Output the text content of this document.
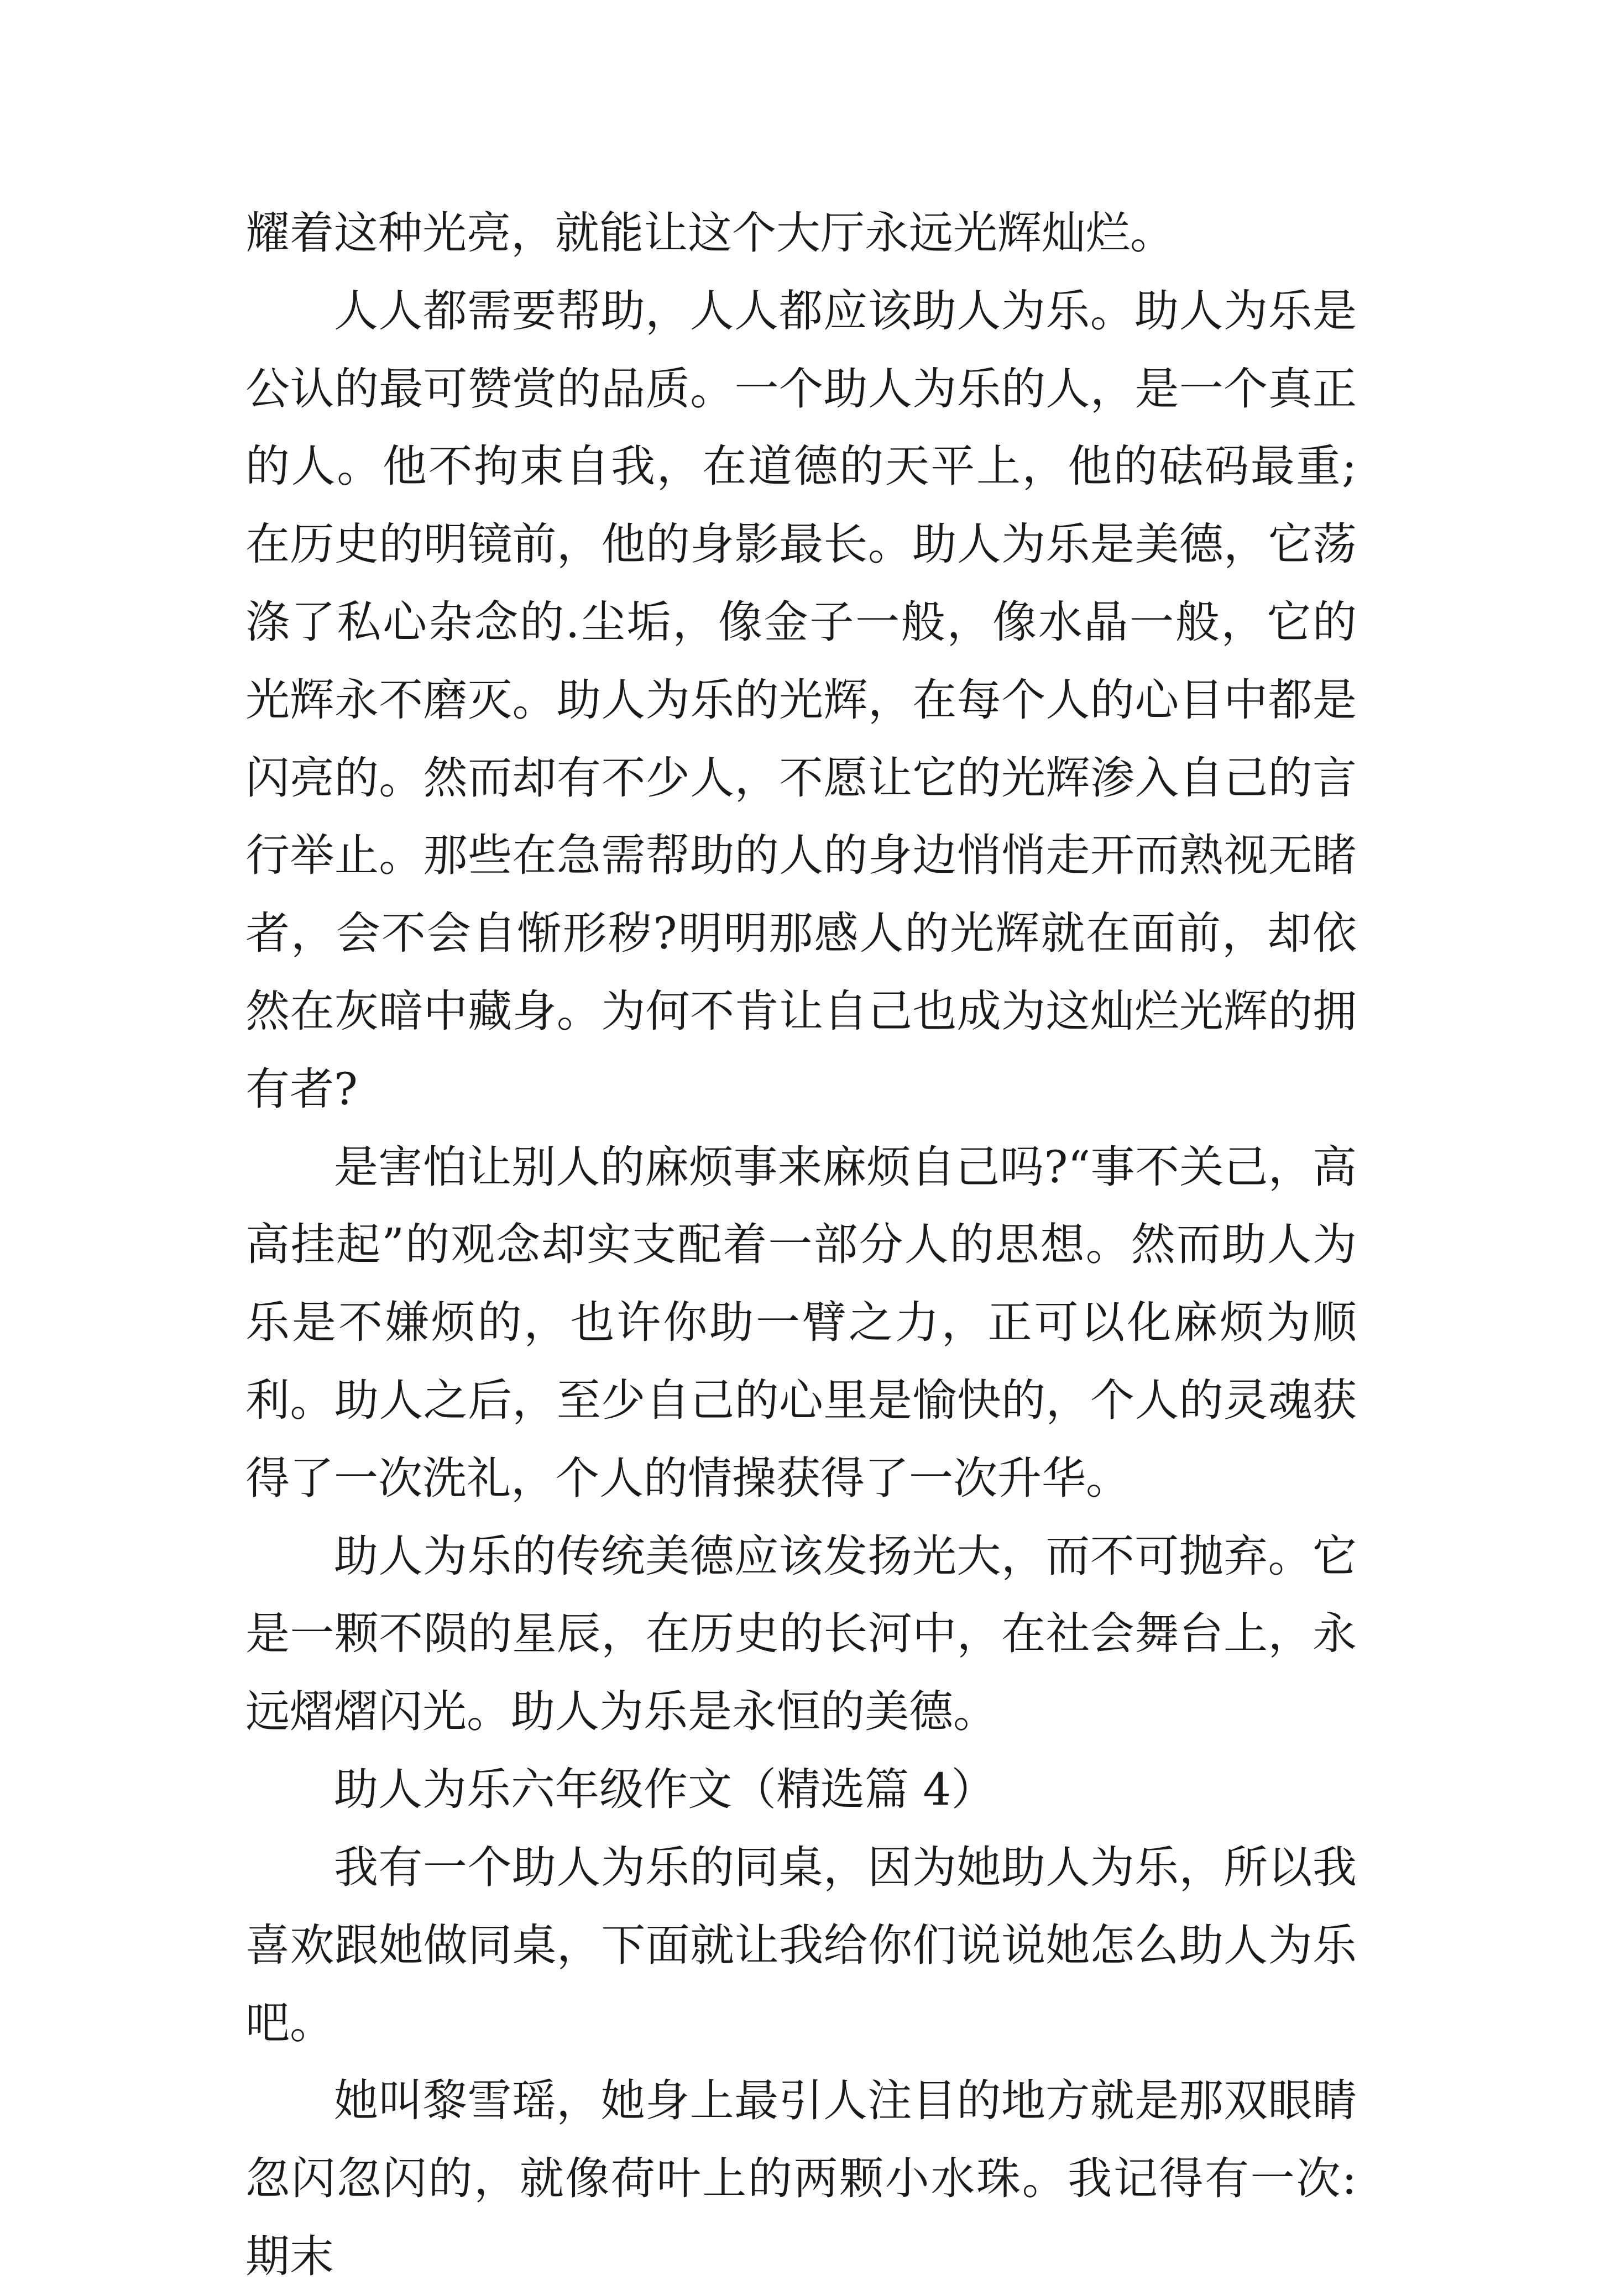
耀着这种光亮，就能让这个大厅永远光辉灿烂。

人人都需要帮助，人人都应该助人为乐。助人为乐是公认的最可赞赏的品质。一个助人为乐的人，是一个真正的人。他不拘束自我，在道德的天平上，他的砝码最重;在历史的明镜前，他的身影最长。助人为乐是美德，它荡涤了私心杂念的.尘垢，像金子一般，像水晶一般，它的光辉永不磨灭。助人为乐的光辉，在每个人的心目中都是闪亮的。然而却有不少人，不愿让它的光辉渗入自己的言行举止。那些在急需帮助的人的身边悄悄走开而熟视无睹者，会不会自惭形秽?明明那感人的光辉就在面前，却依然在灰暗中藏身。为何不肯让自己也成为这灿烂光辉的拥有者?

是害怕让别人的麻烦事来麻烦自己吗?“事不关己，高高挂起”的观念却实支配着一部分人的思想。然而助人为乐是不嫌烦的，也许你助一臂之力，正可以化麻烦为顺利。助人之后，至少自己的心里是愉快的，个人的灵魂获得了一次洗礼，个人的情操获得了一次升华。

助人为乐的传统美德应该发扬光大，而不可抛弃。它是一颗不陨的星辰，在历史的长河中，在社会舞台上，永远熠熠闪光。助人为乐是永恒的美德。

助人为乐六年级作文（精选篇 4）

我有一个助人为乐的同桌，因为她助人为乐，所以我喜欢跟她做同桌，下面就让我给你们说说她怎么助人为乐吧。

她叫黎雪瑶，她身上最引人注目的地方就是那双眼睛忽闪忽闪的，就像荷叶上的两颗小水珠。我记得有一次:期末
